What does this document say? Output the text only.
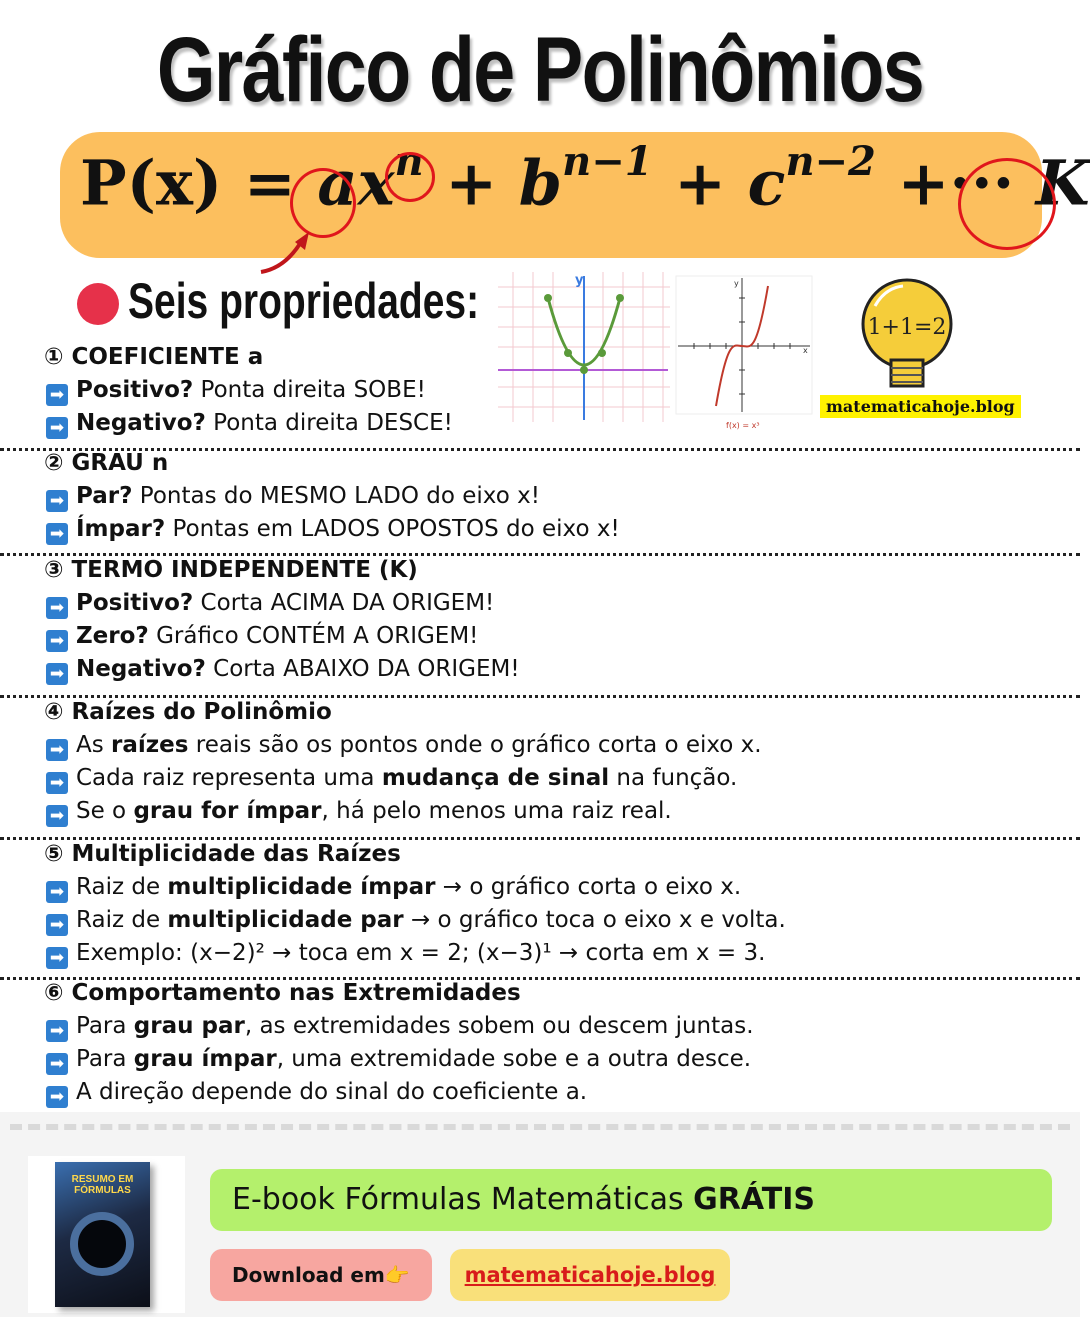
Gráfico de Polinômios
$P(x) = ax^n + b^{n-1} + c^{n-2}$ +··· K
Seis propriedades:	y	y
x
f(x) = x³
1+1=2
matematicahoje.blog
① COEFICIENTE a
➡ Positivo? Ponta direita SOBE!
➡ Negativo? Ponta direita DESCE!
② GRAU n
➡ Par? Pontas do MESMO LADO do eixo x!
➡ Ímpar? Pontas em LADOS OPOSTOS do eixo x!
③ TERMO INDEPENDENTE (K)
➡ Positivo? Corta ACIMA DA ORIGEM!
➡ Zero? Gráfico CONTÉM A ORIGEM!
➡ Negativo? Corta ABAIXO DA ORIGEM!
④ Raízes do Polinômio
➡ As raízes reais são os pontos onde o gráfico corta o eixo x.
➡ Cada raiz representa uma mudança de sinal na função.
➡ Se o grau for ímpar, há pelo menos uma raiz real.
⑤ Multiplicidade das Raízes
➡ Raiz de multiplicidade ímpar → o gráfico corta o eixo x.
➡ Raiz de multiplicidade par → o gráfico toca o eixo x e volta.
➡ Exemplo: (x−2)² → toca em x = 2; (x−3)¹ → corta em x = 3.
⑥ Comportamento nas Extremidades
➡ Para grau par, as extremidades sobem ou descem juntas.
➡ Para grau ímpar, uma extremidade sobe e a outra desce.
➡ A direção depende do sinal do coeficiente a.
RESUMO EM FÓRMULAS	E-book Fórmulas Matemáticas GRÁTIS
Download em👉	matematicahoje.blog
